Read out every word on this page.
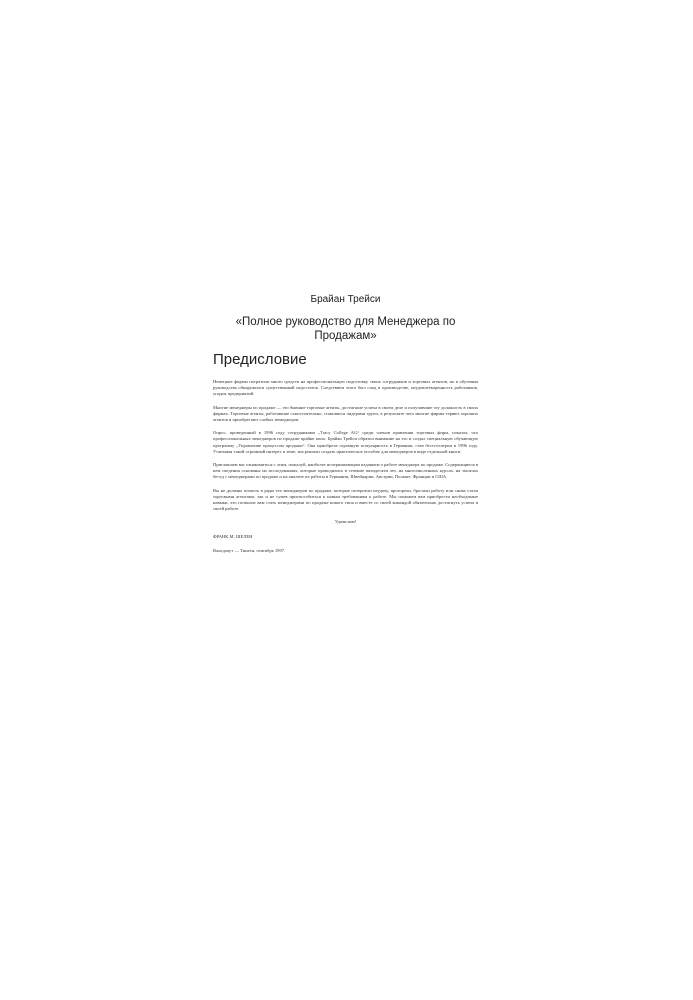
Брайан Трейси

«Полное руководство для Менеджера по Продажам»
Предисловие

Немецкие фирмы потратили много средств на профессиональную подготовку своих сотрудников и торговых агентов, но в обучении руководства обнаружился существенный недостаток. Следствием этого был спад в производстве, неудовлетворенность работников, упадок предприятий.

Многие менеджеры по продаже — это бывшие торговые агенты, достигшие успеха в своем деле и получившие эту должность в своих фирмах. Торговые агенты, работавшие самостоятельно, становятся лидерами групп, в результате чего многие фирмы теряют хороших агентов и приобретают слабых менеджеров.

Опрос, проведенный в 1996 году сотрудниками „Tracy College AG“ среди членов правления торговых фирм, показал, что профессиональных менеджеров по продаже крайне мало. Брайан Трейси обратил внимание на это и создал специальную обучающую программу „Управление процессом продажи“. Она приобрела огромную популярность в Германии, став бестселлером в 1996 году. Учитывая такой огромный интерес к теме, мы решили создать практическое пособие для менеджеров в виде отдельной книги.

Приглашаем вас ознакомиться с этим, пожалуй, наиболее исчерпывающим изданием о работе менеджера по продаже. Содержащиеся в нем сведения основаны на исследованиях, которые проводились в течение пятидесяти лет, на многочисленных курсах, на тысячах бесед с менеджерами по продаже и на анализе их работы в Германии, Швейцарии, Австрии, Польше, Франции и США.

Вы не должны попасть в ряды тех менеджеров по продаже, которые потерпели неудачу, прогорели, бросили работу или снова стали торговыми агентами, так и не сумев приспособиться к новым требованиям к работе. Мы поможем вам приобрести необходимые навыки, что позволит вам стать менеджерами по продаже нового типа и вместе со своей командой обязательно достигнуть успеха в своей работе.

Удачи вам!

ФРАНК М. ШЕЛЕН

Вальдхаут — Тинген, сентябрь 1997.
